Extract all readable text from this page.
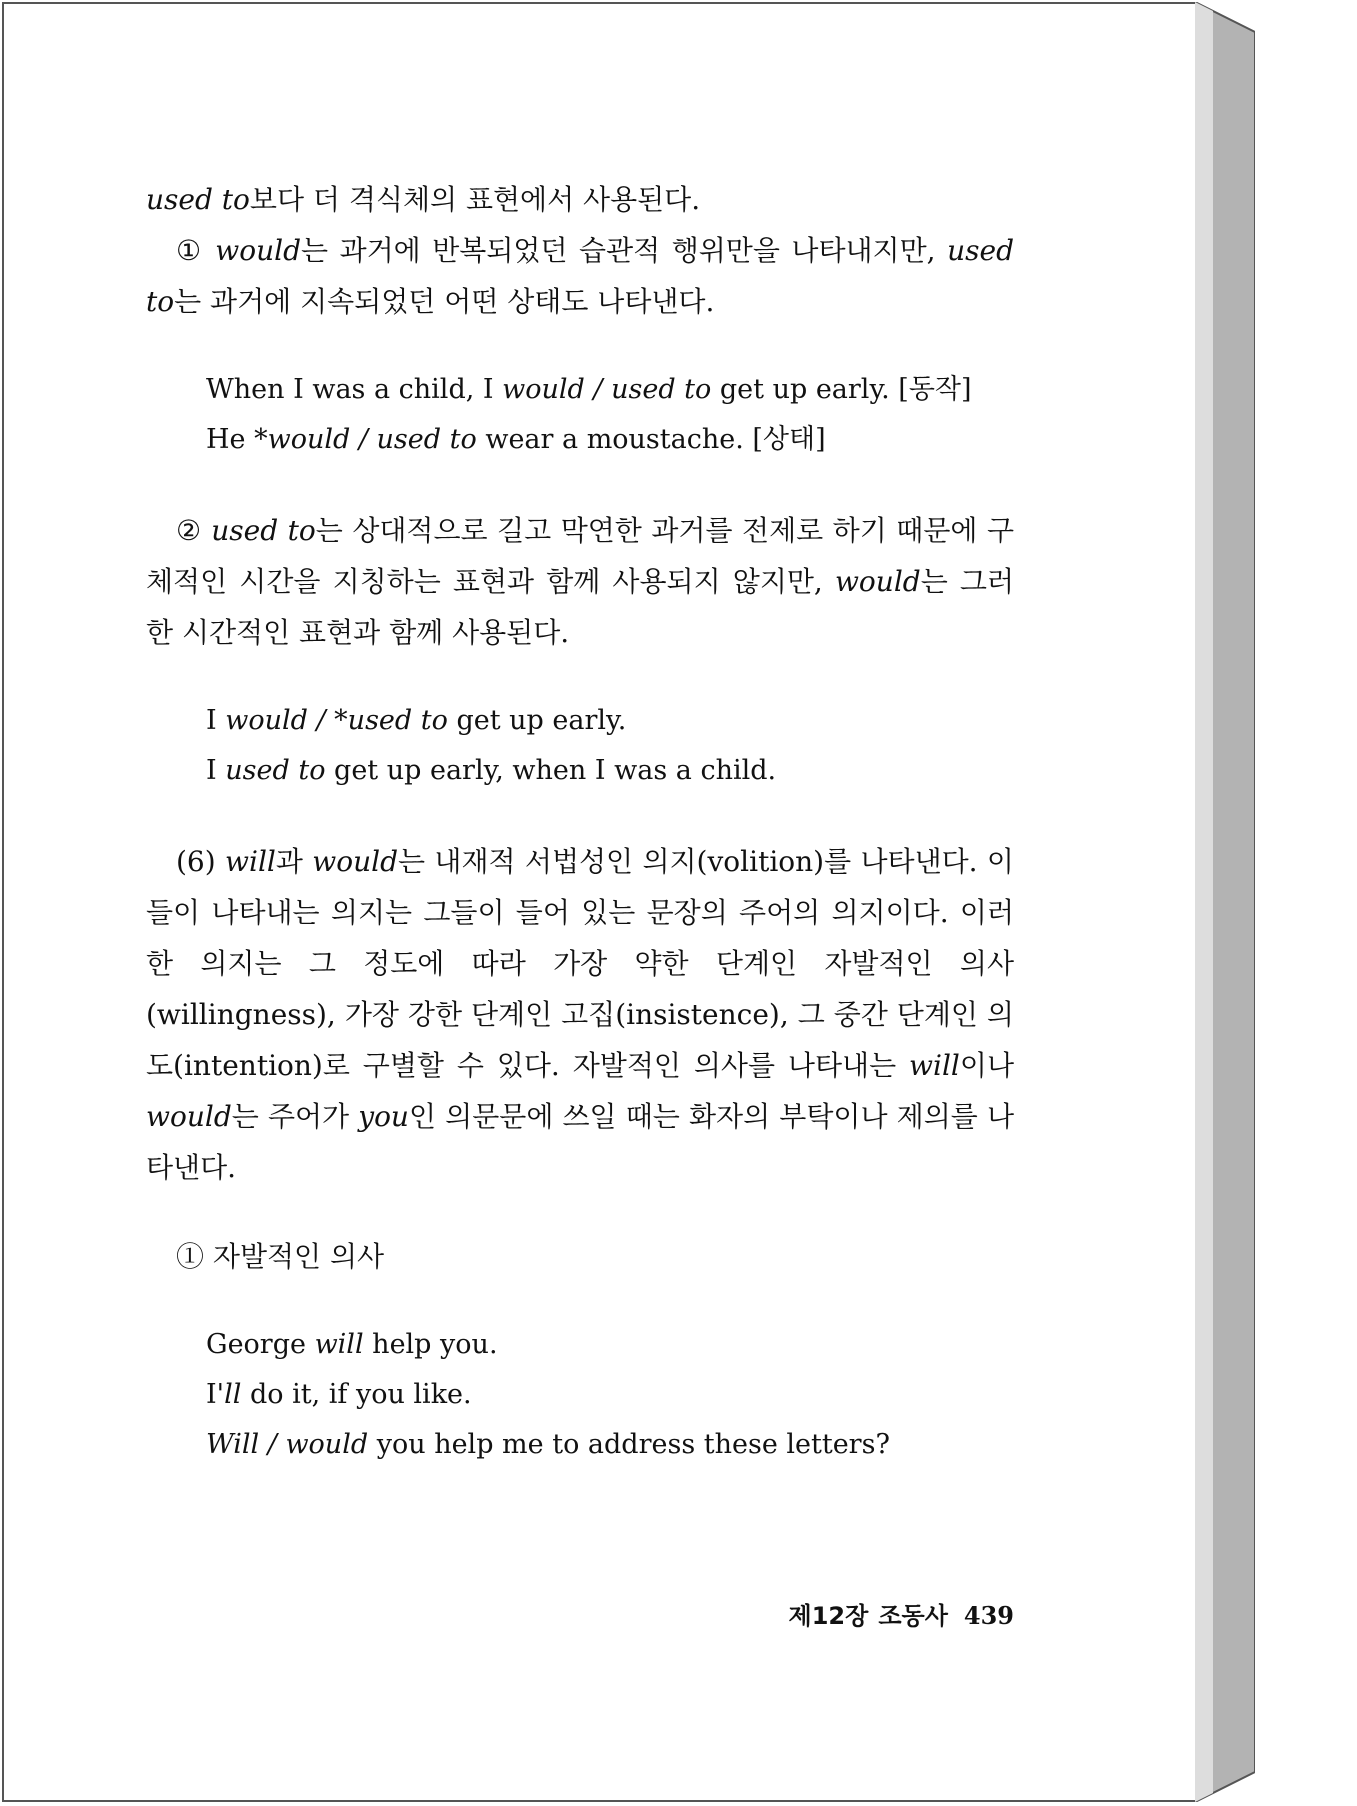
used to보다 더 격식체의 표현에서 사용된다.

① would는 과거에 반복되었던 습관적 행위만을 나타내지만, used to는 과거에 지속되었던 어떤 상태도 나타낸다.

When I was a child, I would / used to get up early. [동작]
He *would / used to wear a moustache. [상태]

② used to는 상대적으로 길고 막연한 과거를 전제로 하기 때문에 구체적인 시간을 지칭하는 표현과 함께 사용되지 않지만, would는 그러한 시간적인 표현과 함께 사용된다.

I would / *used to get up early.
I used to get up early, when I was a child.

(6) will과 would는 내재적 서법성인 의지(volition)를 나타낸다. 이들이 나타내는 의지는 그들이 들어 있는 문장의 주어의 의지이다. 이러한 의지는 그 정도에 따라 가장 약한 단계인 자발적인 의사(willingness), 가장 강한 단계인 고집(insistence), 그 중간 단계인 의도(intention)로 구별할 수 있다. 자발적인 의사를 나타내는 will이나 would는 주어가 you인 의문문에 쓰일 때는 화자의 부탁이나 제의를 나타낸다.

① 자발적인 의사

George will help you.
I'll do it, if you like.
Will / would you help me to address these letters?
제12장 조동사 439
